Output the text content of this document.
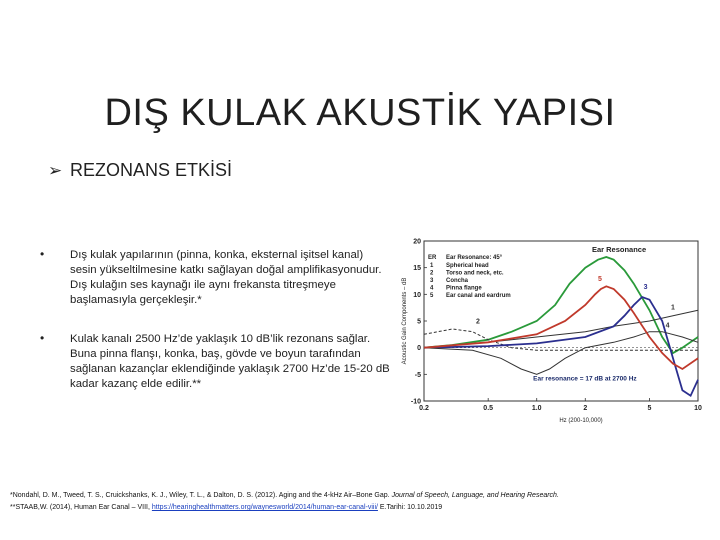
DIŞ KULAK AKUSTİK YAPISI
➢ REZONANS ETKİSİ
• Dış kulak yapılarının (pinna, konka, eksternal işitsel kanal) sesin yükseltilmesine katkı sağlayan doğal amplifikasyonudur. Dış kulağın ses kaynağı ile aynı frekansta titreşmeye başlamasıyla gerçekleşir.*
• Kulak kanalı 2500 Hz’de yaklaşık 10 dB’lik rezonans sağlar. Buna pinna flanşı, konka, baş, gövde ve boyun tarafından sağlanan kazançlar eklendiğinde yaklaşık 2700 Hz’de 15-20 dB kadar kazanç elde edilir.**
-10
-5
0
5
10
15
20
0.2	0.5	1.0	2	5	10
Hz (200-10,000)
Acoustic Gain Components – dB	5
3
1
4
2
Ear Resonance
ER Ear Resonance: 45°
1 Spherical head
2 Torso and neck, etc.
3 Concha
4 Pinna flange
5 Ear canal and eardrum
Ear resonance = 17 dB at 2700 Hz
*Nondahl, D. M., Tweed, T. S., Cruickshanks, K. J., Wiley, T. L., & Dalton, D. S. (2012). Aging and the 4-kHz Air–Bone Gap. Journal of Speech, Language, and Hearing Research.
**STAAB,W. (2014), Human Ear Canal – VIII, https://hearinghealthmatters.org/waynesworld/2014/human-ear-canal-viii/ E.Tarihi: 10.10.2019
